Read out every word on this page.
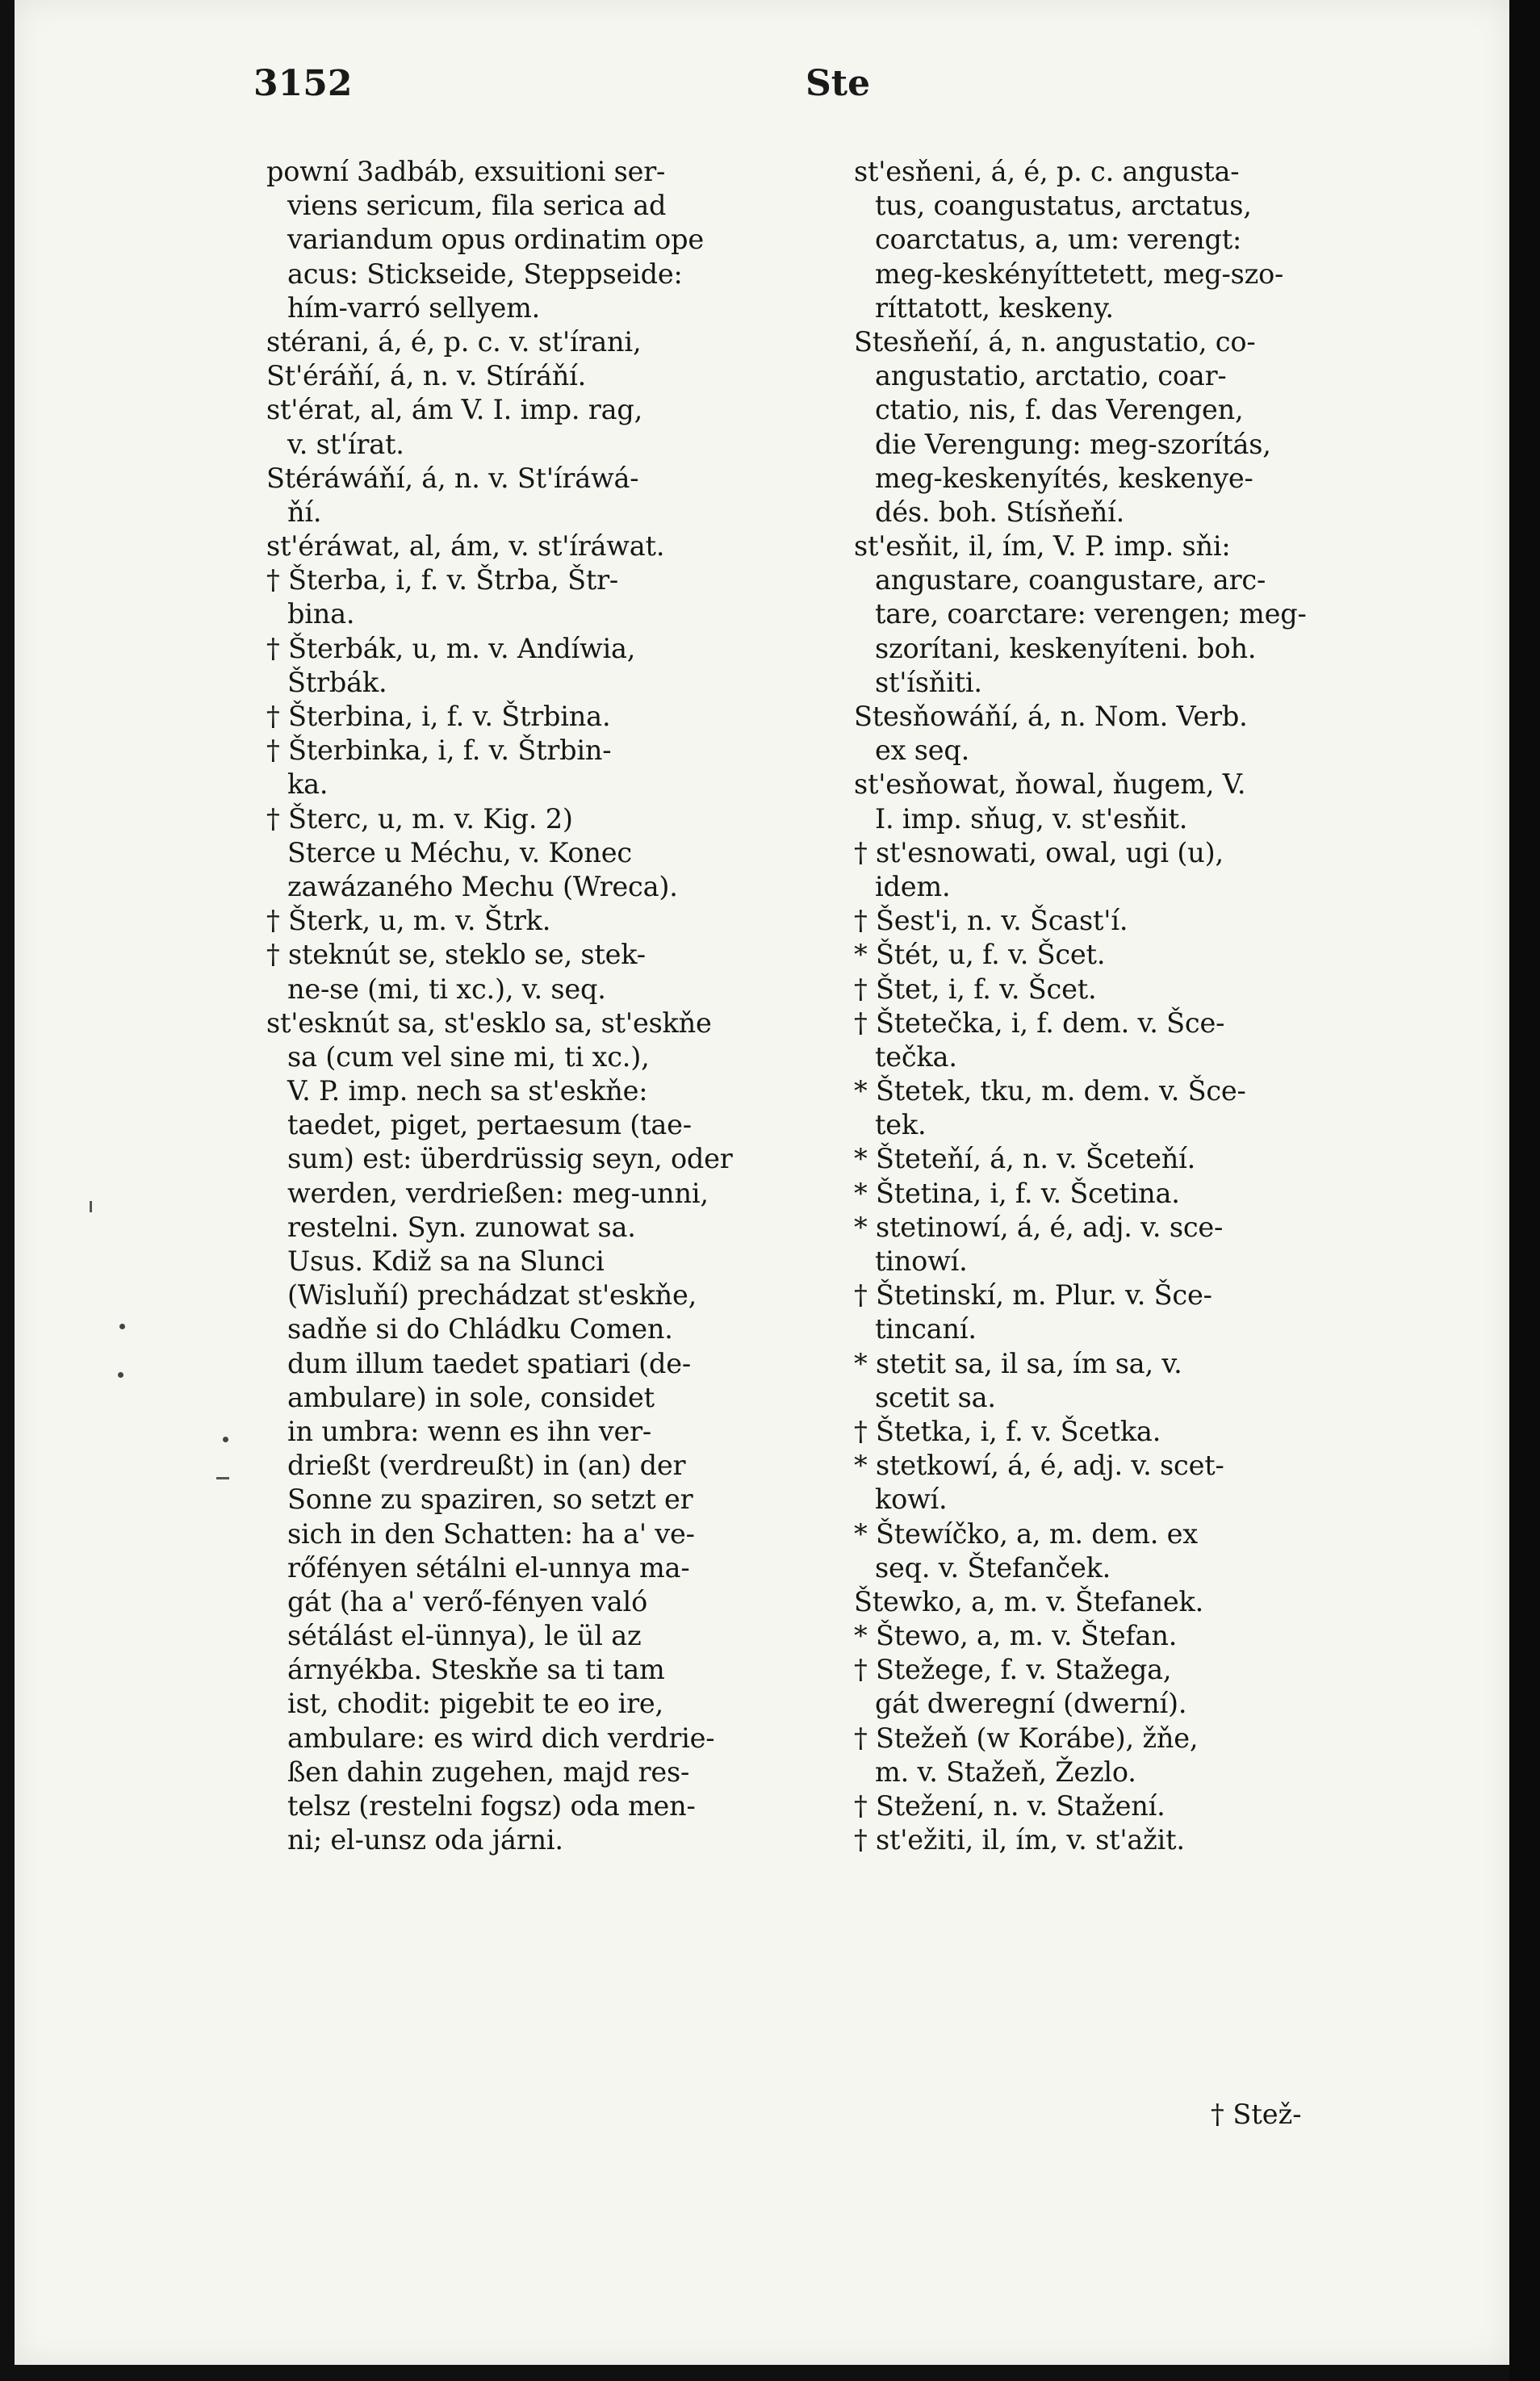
3152	Ste
powní 3adbáb, exsuitioni ser-
viens sericum, fila serica ad
variandum opus ordinatim ope
acus: Stickseide, Steppseide:
hím-varró sellyem.
stérani, á, é, p. c. v. st'írani,
St'éráňí, á, n. v. Stíráňí.
st'érat, al, ám V. I. imp. rag,
v. st'írat.
Stéráwáňí, á, n. v. St'íráwá-
ňí.
st'éráwat, al, ám, v. st'íráwat.
† Šterba, i, f. v. Štrba, Štr-
bina.
† Šterbák, u, m. v. Andíwia,
Štrbák.
† Šterbina, i, f. v. Štrbina.
† Šterbinka, i, f. v. Štrbin-
ka.
† Šterc, u, m. v. Kig. 2)
Sterce u Méchu, v. Konec
zawázaného Mechu (Wreca).
† Šterk, u, m. v. Štrk.
† steknút se, steklo se, stek-
ne-se (mi, ti xc.), v. seq.
st'esknút sa, st'esklo sa, st'eskňe
sa (cum vel sine mi, ti xc.),
V. P. imp. nech sa st'eskňe:
taedet, piget, pertaesum (tae-
sum) est: überdrüssig seyn, oder
werden, verdrießen: meg-unni,
restelni. Syn. zunowat sa.
Usus. Kdiž sa na Slunci
(Wisluňí) prechádzat st'eskňe,
sadňe si do Chládku Comen.
dum illum taedet spatiari (de-
ambulare) in sole, considet
in umbra: wenn es ihn ver-
drießt (verdreußt) in (an) der
Sonne zu spaziren, so setzt er
sich in den Schatten: ha a' ve-
rőfényen sétálni el-unnya ma-
gát (ha a' verő-fényen való
sétálást el-ünnya), le ül az
árnyékba. Steskňe sa ti tam
ist, chodit: pigebit te eo ire,
ambulare: es wird dich verdrie-
ßen dahin zugehen, majd res-
telsz (restelni fogsz) oda men-
ni; el-unsz oda járni.
st'esňeni, á, é, p. c. angusta-
tus, coangustatus, arctatus,
coarctatus, a, um: verengt:
meg-keskényíttetett, meg-szo-
ríttatott, keskeny.
Stesňeňí, á, n. angustatio, co-
angustatio, arctatio, coar-
ctatio, nis, f. das Verengen,
die Verengung: meg-szorítás,
meg-keskenyítés, keskenye-
dés. boh. Stísňeňí.
st'esňit, il, ím, V. P. imp. sňi:
angustare, coangustare, arc-
tare, coarctare: verengen; meg-
szorítani, keskenyíteni. boh.
st'ísňiti.
Stesňowáňí, á, n. Nom. Verb.
ex seq.
st'esňowat, ňowal, ňugem, V.
I. imp. sňug, v. st'esňit.
† st'esnowati, owal, ugi (u),
idem.
† Šest'i, n. v. Šcast'í.
* Štét, u, f. v. Šcet.
† Štet, i, f. v. Šcet.
† Štetečka, i, f. dem. v. Šce-
tečka.
* Štetek, tku, m. dem. v. Šce-
tek.
* Šteteňí, á, n. v. Šceteňí.
* Štetina, i, f. v. Šcetina.
* stetinowí, á, é, adj. v. sce-
tinowí.
† Štetinskí, m. Plur. v. Šce-
tincaní.
* stetit sa, il sa, ím sa, v.
scetit sa.
† Štetka, i, f. v. Šcetka.
* stetkowí, á, é, adj. v. scet-
kowí.
* Štewíčko, a, m. dem. ex
seq. v. Štefanček.
Štewko, a, m. v. Štefanek.
* Štewo, a, m. v. Štefan.
† Stežege, f. v. Stažega,
gát dweregní (dwerní).
† Stežeň (w Korábe), žňe,
m. v. Stažeň, Žezlo.
† Stežení, n. v. Stažení.
† st'ežiti, il, ím, v. st'ažit.
† Stež-
